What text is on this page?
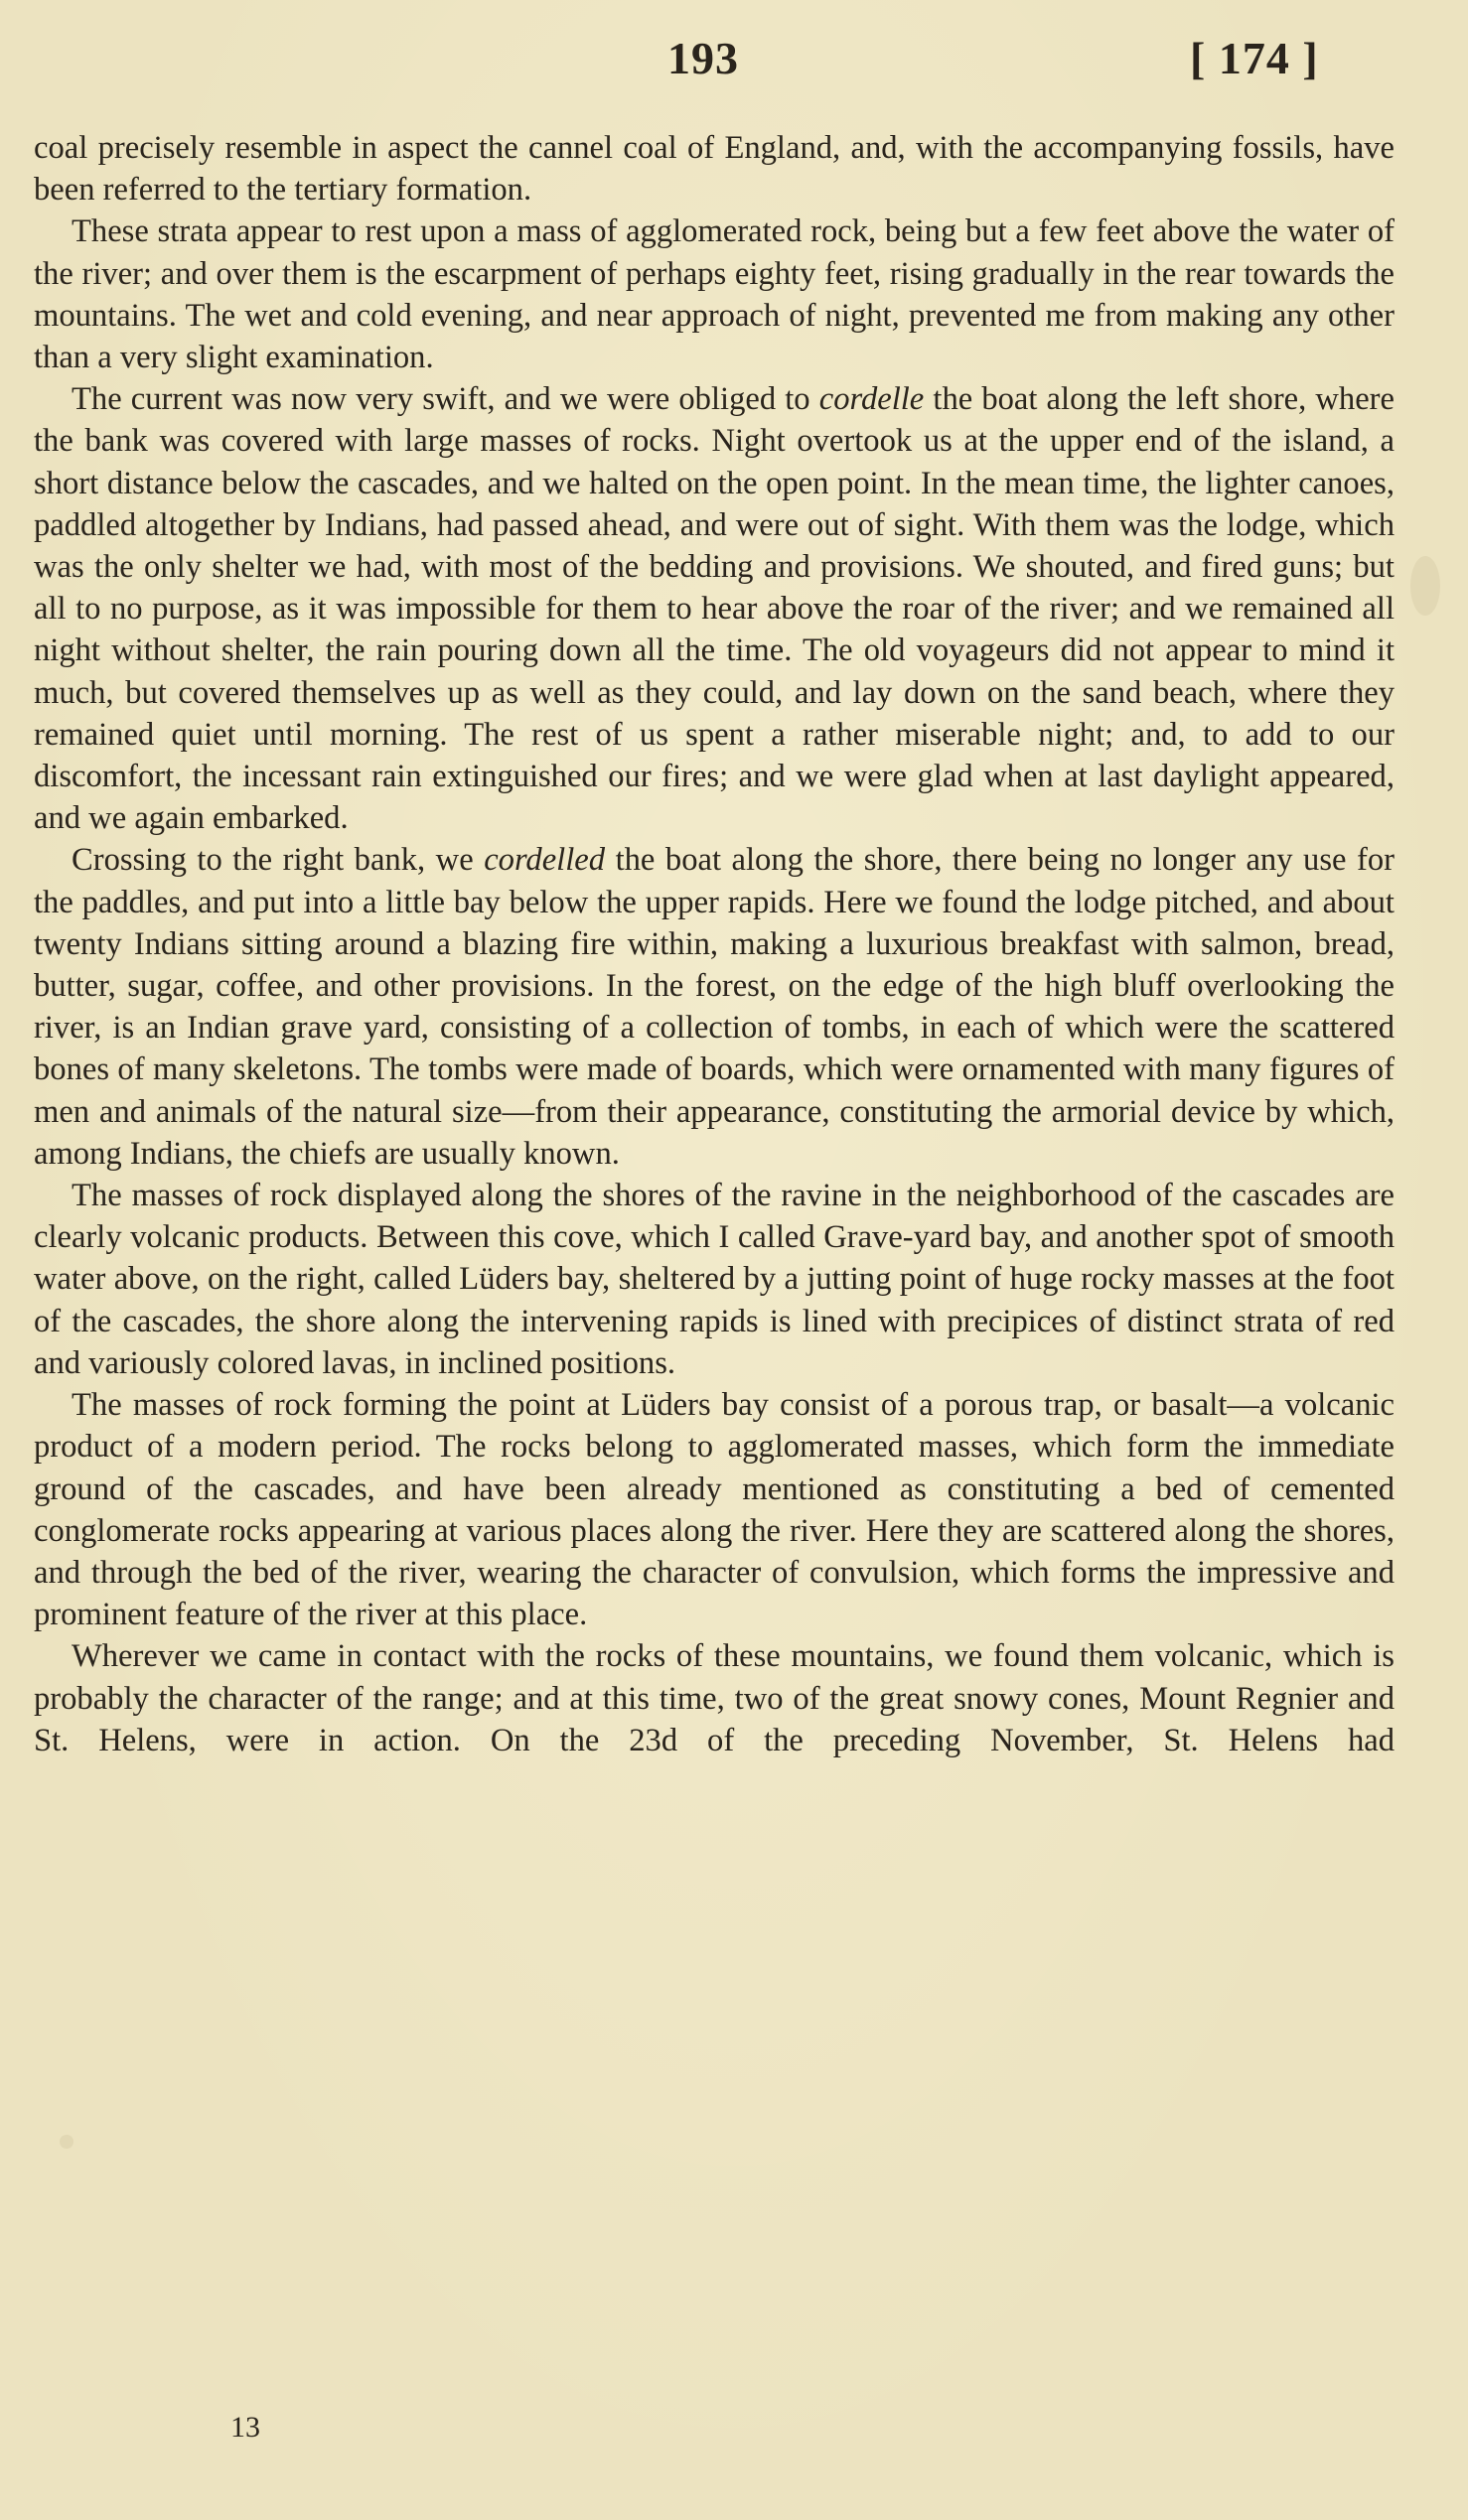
193	[ 174 ]

coal precisely resemble in aspect the cannel coal of England, and, with the accompanying fossils, have been referred to the tertiary formation.

These strata appear to rest upon a mass of agglomerated rock, being but a few feet above the water of the river; and over them is the escarpment of perhaps eighty feet, rising gradually in the rear towards the mountains. The wet and cold evening, and near approach of night, prevented me from making any other than a very slight examination.

The current was now very swift, and we were obliged to cordelle the boat along the left shore, where the bank was covered with large masses of rocks. Night overtook us at the upper end of the island, a short distance below the cascades, and we halted on the open point. In the mean time, the lighter canoes, paddled altogether by Indians, had passed ahead, and were out of sight. With them was the lodge, which was the only shelter we had, with most of the bedding and provisions. We shouted, and fired guns; but all to no purpose, as it was impossible for them to hear above the roar of the river; and we remained all night without shelter, the rain pouring down all the time. The old voyageurs did not appear to mind it much, but covered themselves up as well as they could, and lay down on the sand beach, where they remained quiet until morning. The rest of us spent a rather miserable night; and, to add to our discomfort, the incessant rain extinguished our fires; and we were glad when at last daylight appeared, and we again embarked.

Crossing to the right bank, we cordelled the boat along the shore, there being no longer any use for the paddles, and put into a little bay below the upper rapids. Here we found the lodge pitched, and about twenty Indians sitting around a blazing fire within, making a luxurious breakfast with salmon, bread, butter, sugar, coffee, and other provisions. In the forest, on the edge of the high bluff overlooking the river, is an Indian grave yard, consisting of a collection of tombs, in each of which were the scattered bones of many skeletons. The tombs were made of boards, which were ornamented with many figures of men and animals of the natural size—from their appearance, constituting the armorial device by which, among Indians, the chiefs are usually known.

The masses of rock displayed along the shores of the ravine in the neighborhood of the cascades are clearly volcanic products. Between this cove, which I called Grave-yard bay, and another spot of smooth water above, on the right, called Lüders bay, sheltered by a jutting point of huge rocky masses at the foot of the cascades, the shore along the intervening rapids is lined with precipices of distinct strata of red and variously colored lavas, in inclined positions.

The masses of rock forming the point at Lüders bay consist of a porous trap, or basalt—a volcanic product of a modern period. The rocks belong to agglomerated masses, which form the immediate ground of the cascades, and have been already mentioned as constituting a bed of cemented conglomerate rocks appearing at various places along the river. Here they are scattered along the shores, and through the bed of the river, wearing the character of convulsion, which forms the impressive and prominent feature of the river at this place.

Wherever we came in contact with the rocks of these mountains, we found them volcanic, which is probably the character of the range; and at this time, two of the great snowy cones, Mount Regnier and St. Helens, were in action. On the 23d of the preceding November, St. Helens had

13
